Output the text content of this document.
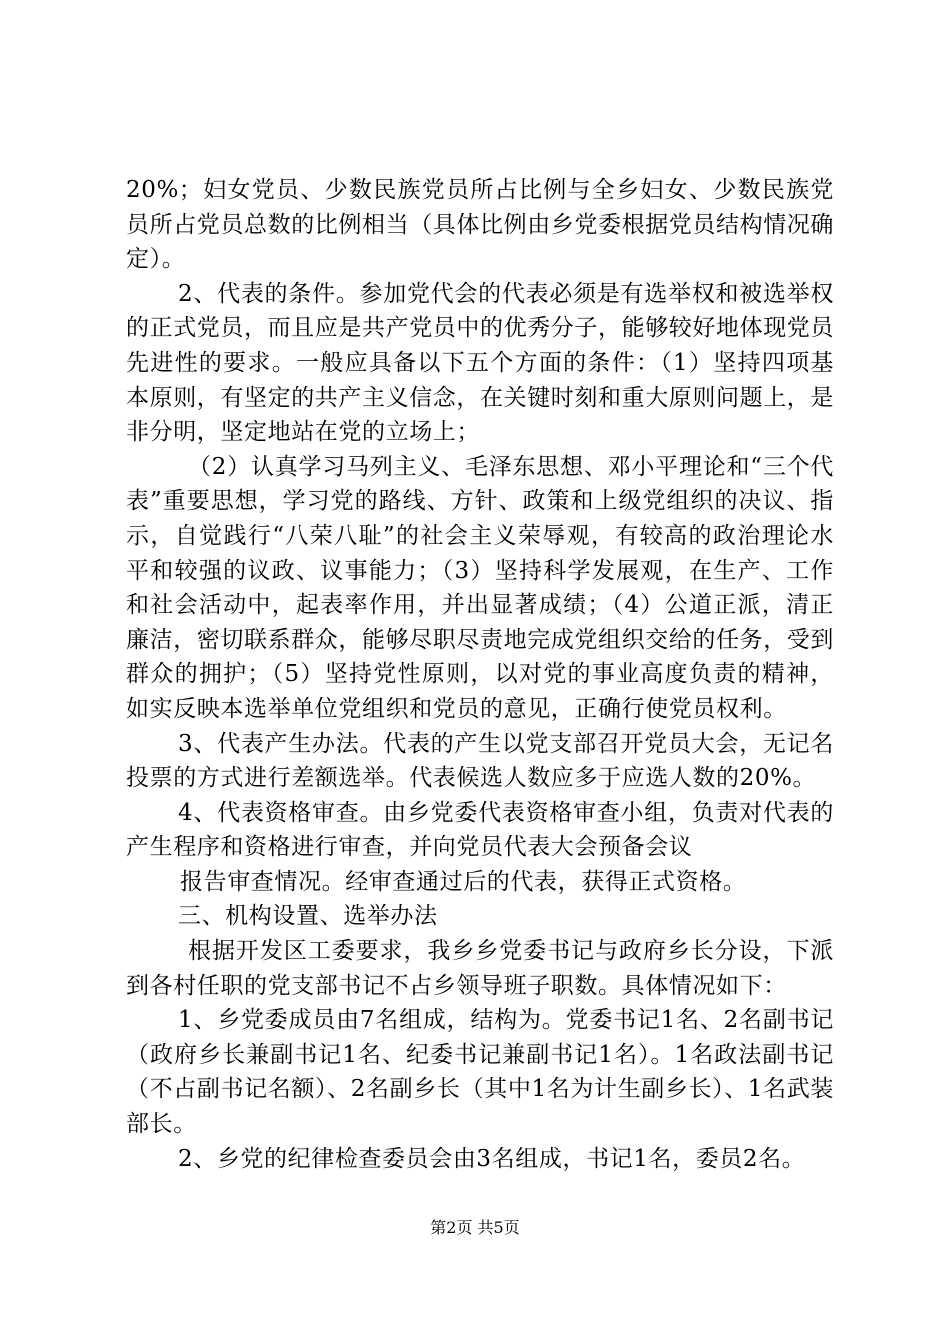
20%；妇女党员、少数民族党员所占比例与全乡妇女、少数民族党员所占党员总数的比例相当（具体比例由乡党委根据党员结构情况确定）。

2、代表的条件。参加党代会的代表必须是有选举权和被选举权的正式党员，而且应是共产党员中的优秀分子，能够较好地体现党员先进性的要求。一般应具备以下五个方面的条件：（1）坚持四项基本原则，有坚定的共产主义信念，在关键时刻和重大原则问题上，是非分明，坚定地站在党的立场上；

（2）认真学习马列主义、毛泽东思想、邓小平理论和“三个代表”重要思想，学习党的路线、方针、政策和上级党组织的决议、指示，自觉践行“八荣八耻”的社会主义荣辱观，有较高的政治理论水平和较强的议政、议事能力；（3）坚持科学发展观，在生产、工作和社会活动中，起表率作用，并出显著成绩；（4）公道正派，清正廉洁，密切联系群众，能够尽职尽责地完成党组织交给的任务，受到群众的拥护；（5）坚持党性原则，以对党的事业高度负责的精神，如实反映本选举单位党组织和党员的意见，正确行使党员权利。

3、代表产生办法。代表的产生以党支部召开党员大会，无记名投票的方式进行差额选举。代表候选人数应多于应选人数的20%。

4、代表资格审查。由乡党委代表资格审查小组，负责对代表的产生程序和资格进行审查，并向党员代表大会预备会议

报告审查情况。经审查通过后的代表，获得正式资格。

三、机构设置、选举办法

根据开发区工委要求，我乡乡党委书记与政府乡长分设，下派到各村任职的党支部书记不占乡领导班子职数。具体情况如下：

1、乡党委成员由7名组成，结构为。党委书记1名、2名副书记（政府乡长兼副书记1名、纪委书记兼副书记1名）。1名政法副书记（不占副书记名额）、2名副乡长（其中1名为计生副乡长）、1名武装部长。

2、乡党的纪律检查委员会由3名组成，书记1名，委员2名。

第2页 共5页
